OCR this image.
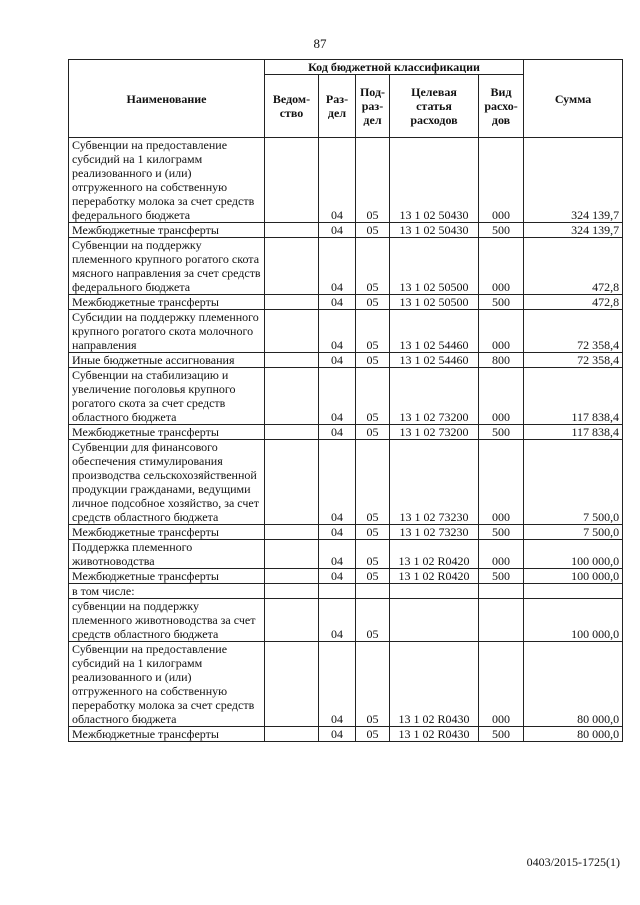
87
Наименование	Код бюджетной классификации					Сумма
	Ведом-ство	Раз-дел	Под-раз-дел	Целевая статья расходов	Вид расхо-дов	
Субвенции на предоставление субсидий на 1 килограмм реализованного и (или) отгруженного на собственную переработку молока за счет средств федерального бюджета		04	05	13 1 02 50430	000	324 139,7
Межбюджетные трансферты		04	05	13 1 02 50430	500	324 139,7
Субвенции на поддержку племенного крупного рогатого скота мясного направления за счет средств федерального бюджета		04	05	13 1 02 50500	000	472,8
Межбюджетные трансферты		04	05	13 1 02 50500	500	472,8
Субсидии на поддержку племенного крупного рогатого скота молочного направления		04	05	13 1 02 54460	000	72 358,4
Иные бюджетные ассигнования		04	05	13 1 02 54460	800	72 358,4
Субвенции на стабилизацию и увеличение поголовья крупного рогатого скота за счет средств областного бюджета		04	05	13 1 02 73200	000	117 838,4
Межбюджетные трансферты		04	05	13 1 02 73200	500	117 838,4
Субвенции для финансового обеспечения стимулирования производства сельскохозяйственной продукции гражданами, ведущими личное подсобное хозяйство, за счет средств областного бюджета		04	05	13 1 02 73230	000	7 500,0
Межбюджетные трансферты		04	05	13 1 02 73230	500	7 500,0
Поддержка племенного животноводства		04	05	13 1 02 R0420	000	100 000,0
Межбюджетные трансферты		04	05	13 1 02 R0420	500	100 000,0
в том числе:						
субвенции на поддержку племенного животноводства за счет средств областного бюджета		04	05			100 000,0
Субвенции на предоставление субсидий на 1 килограмм реализованного и (или) отгруженного на собственную переработку молока за счет средств областного бюджета		04	05	13 1 02 R0430	000	80 000,0
Межбюджетные трансферты		04	05	13 1 02 R0430	500	80 000,0
0403/2015-1725(1)
